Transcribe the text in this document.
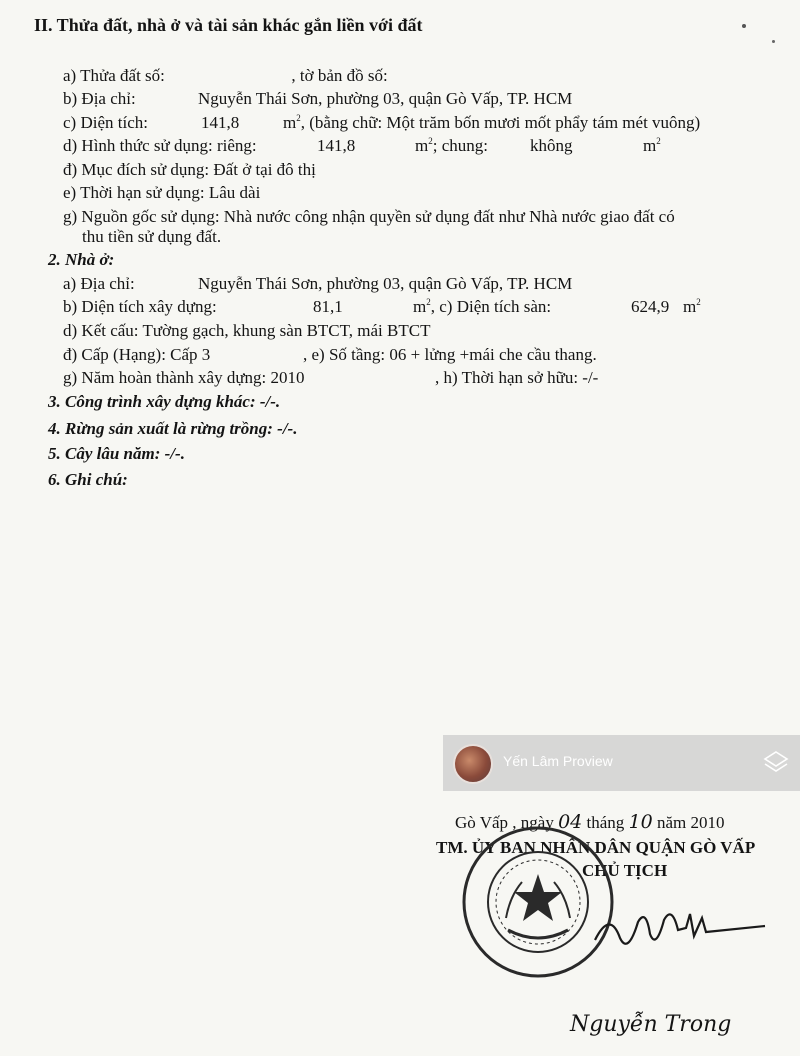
II. Thửa đất, nhà ở và tài sản khác gắn liền với đất
a) Thửa đất số:	, tờ bản đồ số:
b) Địa chỉ:	Nguyễn Thái Sơn, phường 03, quận Gò Vấp, TP. HCM
c) Diện tích:	141,8	$m^2$, (bằng chữ: Một trăm bốn mươi mốt phẩy tám mét vuông)
d) Hình thức sử dụng: riêng:	141,8	$m^2$; chung: không	$m^2$
đ) Mục đích sử dụng: Đất ở tại đô thị
e) Thời hạn sử dụng: Lâu dài
g) Nguồn gốc sử dụng: Nhà nước công nhận quyền sử dụng đất như Nhà nước giao đất có
thu tiền sử dụng đất.
2. Nhà ở:
a) Địa chỉ:	Nguyễn Thái Sơn, phường 03, quận Gò Vấp, TP. HCM
b) Diện tích xây dựng:	81,1	$m^2$, c) Diện tích sàn:	624,9 $m^2$
d) Kết cấu: Tường gạch, khung sàn BTCT, mái BTCT
đ) Cấp (Hạng): Cấp 3	, e) Số tầng: 06 + lửng +mái che cầu thang.
g) Năm hoàn thành xây dựng: 2010	, h) Thời hạn sở hữu: -/-
3. Công trình xây dựng khác: -/-.
4. Rừng sản xuất là rừng trồng: -/-.
5. Cây lâu năm: -/-.
6. Ghi chú:
Yến Lâm Proview
Gò Vấp , ngày 04 tháng 10 năm 2010
TM. ỦY BAN NHÂN DÂN QUẬN GÒ VẤP
CHỦ TỊCH
Nguyễn Trong
